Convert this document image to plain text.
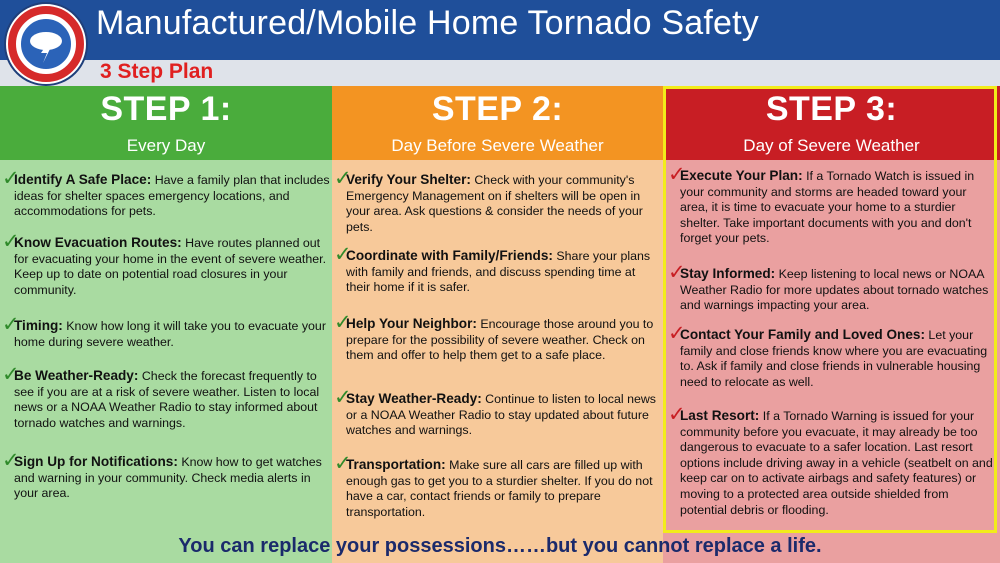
Manufactured/Mobile Home Tornado Safety
3 Step Plan
STEP 1:
Every Day
✓
Identify A Safe Place: Have a family plan that includes ideas for shelter spaces emergency locations, and accommodations for pets.
✓
Know Evacuation Routes: Have routes planned out for evacuating your home in the event of severe weather. Keep up to date on potential road closures in your community.
✓
Timing: Know how long it will take you to evacuate your home during severe weather.
✓
Be Weather-Ready: Check the forecast frequently to see if you are at a risk of severe weather. Listen to local news or a NOAA Weather Radio to stay informed about tornado watches and warnings.
✓
Sign Up for Notifications: Know how to get watches and warning in your community. Check media alerts in your area.
STEP 2:
Day Before Severe Weather
✓
Verify Your Shelter: Check with your community's Emergency Management on if shelters will be open in your area. Ask questions & consider the needs of your pets.
✓
Coordinate with Family/Friends: Share your plans with family and friends, and discuss spending time at their home if it is safer.
✓
Help Your Neighbor: Encourage those around you to prepare for the possibility of severe weather. Check on them and offer to help them get to a safe place.
✓
Stay Weather-Ready: Continue to listen to local news or a NOAA Weather Radio to stay updated about future watches and warnings.
✓
Transportation: Make sure all cars are filled up with enough gas to get you to a sturdier shelter. If you do not have a car, contact friends or family to prepare transportation.
STEP 3:
Day of Severe Weather
✓
Execute Your Plan: If a Tornado Watch is issued in your community and storms are headed toward your area, it is time to evacuate your home to a sturdier shelter. Take important documents with you and don't forget your pets.
✓
Stay Informed: Keep listening to local news or NOAA Weather Radio for more updates about tornado watches and warnings impacting your area.
✓
Contact Your Family and Loved Ones: Let your family and close friends know where you are evacuating to. Ask if family and close friends in vulnerable housing need to relocate as well.
✓
Last Resort: If a Tornado Warning is issued for your community before you evacuate, it may already be too dangerous to evacuate to a safer location. Last resort options include driving away in a vehicle (seatbelt on and keep car on to activate airbags and safety features) or moving to a protected area outside shielded from potential debris or flooding.
You can replace your possessions……but you cannot replace a life.
